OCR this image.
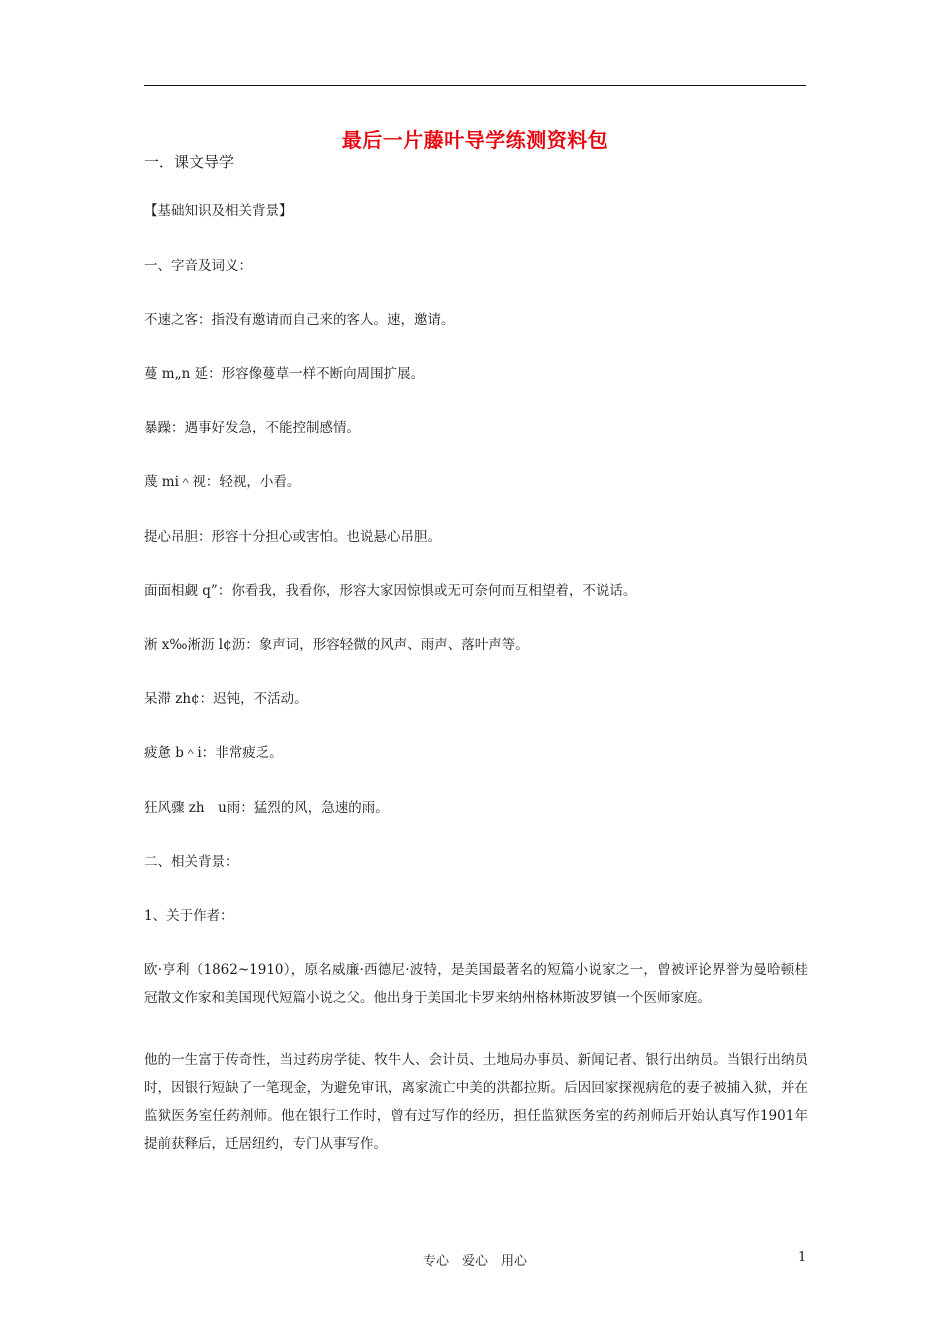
最后一片藤叶导学练测资料包
一．课文导学
【基础知识及相关背景】
一、字音及词义：
不速之客：指没有邀请而自己来的客人。速，邀请。
蔓 m„n 延：形容像蔓草一样不断向周围扩展。
暴躁：遇事好发急，不能控制感情。
蔑 mi＾视：轻视，小看。
提心吊胆：形容十分担心或害怕。也说悬心吊胆。
面面相觑 q”：你看我，我看你，形容大家因惊惧或无可奈何而互相望着，不说话。
淅 x‰淅沥 l¢沥：象声词，形容轻微的风声、雨声、落叶声等。
呆滞 zh¢：迟钝，不活动。
疲惫 b＾i：非常疲乏。
狂风骤 zh　u雨：猛烈的风，急速的雨。
二、相关背景：
1、关于作者：
欧·亨利（1862~1910），原名威廉·西德尼·波特，是美国最著名的短篇小说家之一，曾被评论界誉为曼哈顿桂冠散文作家和美国现代短篇小说之父。他出身于美国北卡罗来纳州格林斯波罗镇一个医师家庭。
他的一生富于传奇性，当过药房学徒、牧牛人、会计员、土地局办事员、新闻记者、银行出纳员。当银行出纳员时，因银行短缺了一笔现金，为避免审讯，离家流亡中美的洪都拉斯。后因回家探视病危的妻子被捕入狱，并在监狱医务室任药剂师。他在银行工作时，曾有过写作的经历，担任监狱医务室的药剂师后开始认真写作1901年提前获释后，迁居纽约，专门从事写作。
专心　爱心　用心	1
